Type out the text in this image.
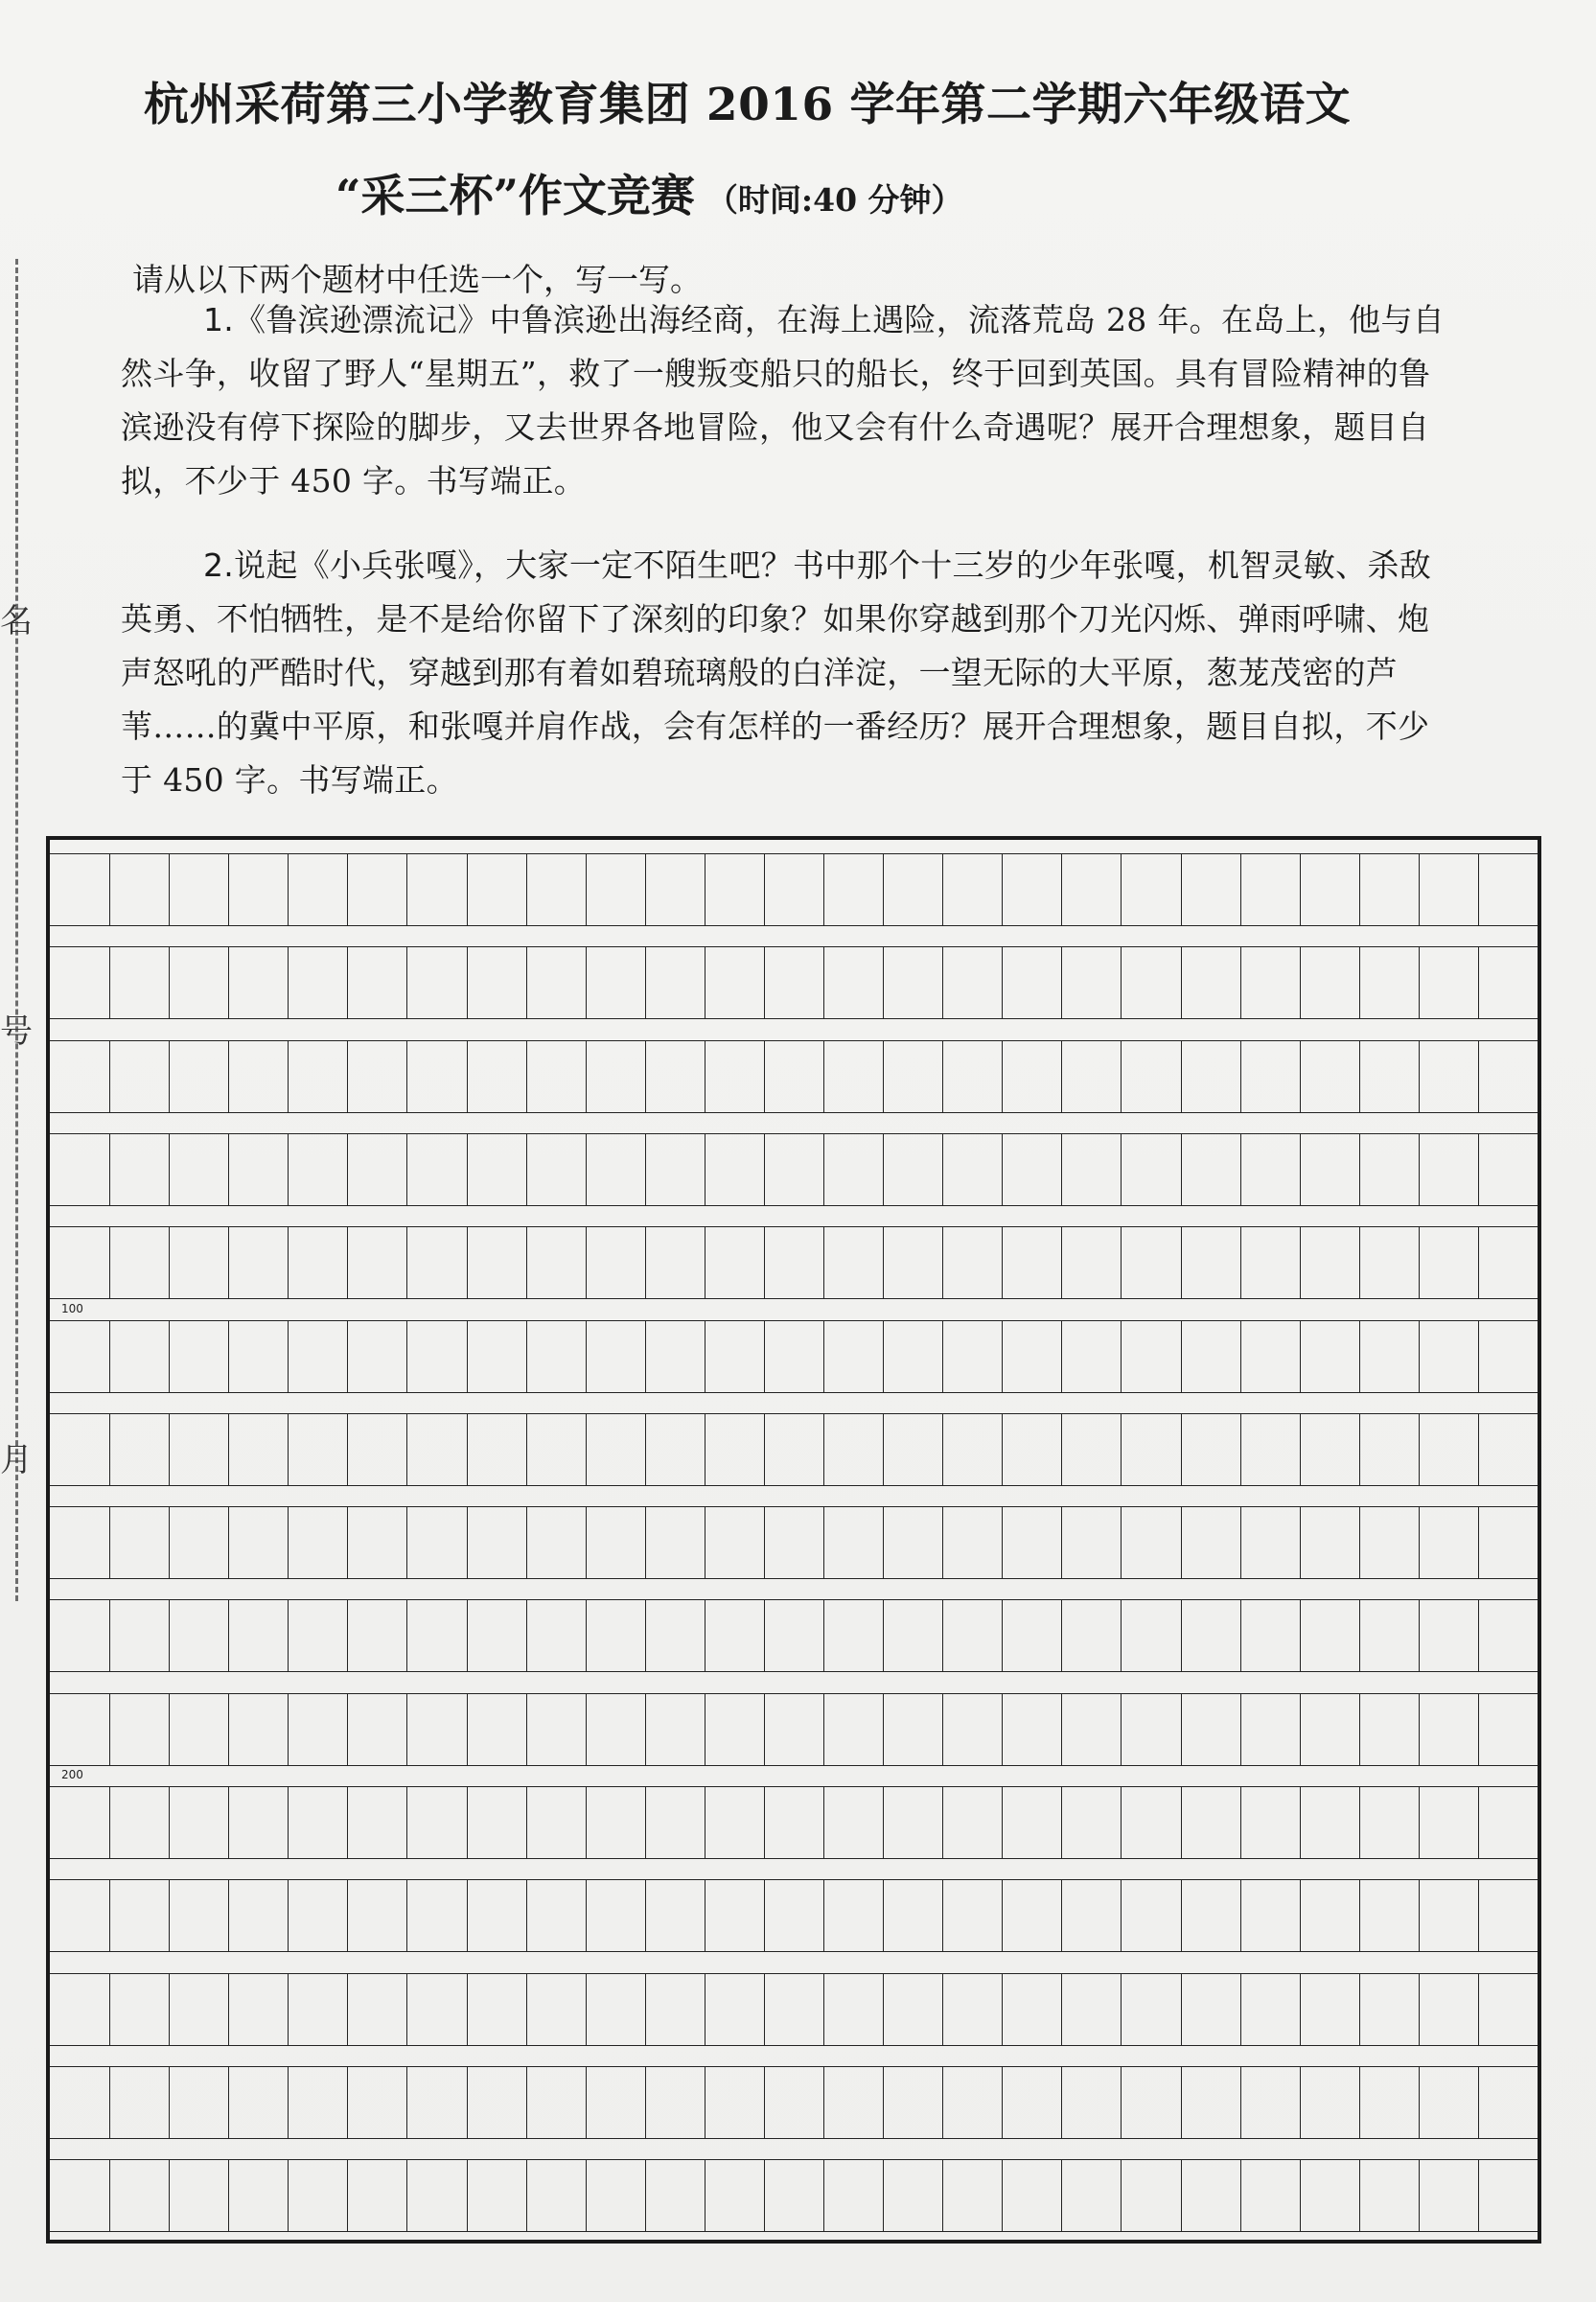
名
号
月
杭州采荷第三小学教育集团 2016 学年第二学期六年级语文
“采三杯”作文竞赛 （时间:40 分钟）
请从以下两个题材中任选一个，写一写。
1.《鲁滨逊漂流记》中鲁滨逊出海经商，在海上遇险，流落荒岛 28 年。在岛上，他与自然斗争，收留了野人“星期五”，救了一艘叛变船只的船长，终于回到英国。具有冒险精神的鲁滨逊没有停下探险的脚步，又去世界各地冒险，他又会有什么奇遇呢？展开合理想象，题目自拟，不少于 450 字。书写端正。
2.说起《小兵张嘎》，大家一定不陌生吧？书中那个十三岁的少年张嘎，机智灵敏、杀敌英勇、不怕牺牲，是不是给你留下了深刻的印象？如果你穿越到那个刀光闪烁、弹雨呼啸、炮声怒吼的严酷时代，穿越到那有着如碧琉璃般的白洋淀，一望无际的大平原，葱茏茂密的芦苇……的冀中平原，和张嘎并肩作战，会有怎样的一番经历？展开合理想象，题目自拟，不少于 450 字。书写端正。
100
200
